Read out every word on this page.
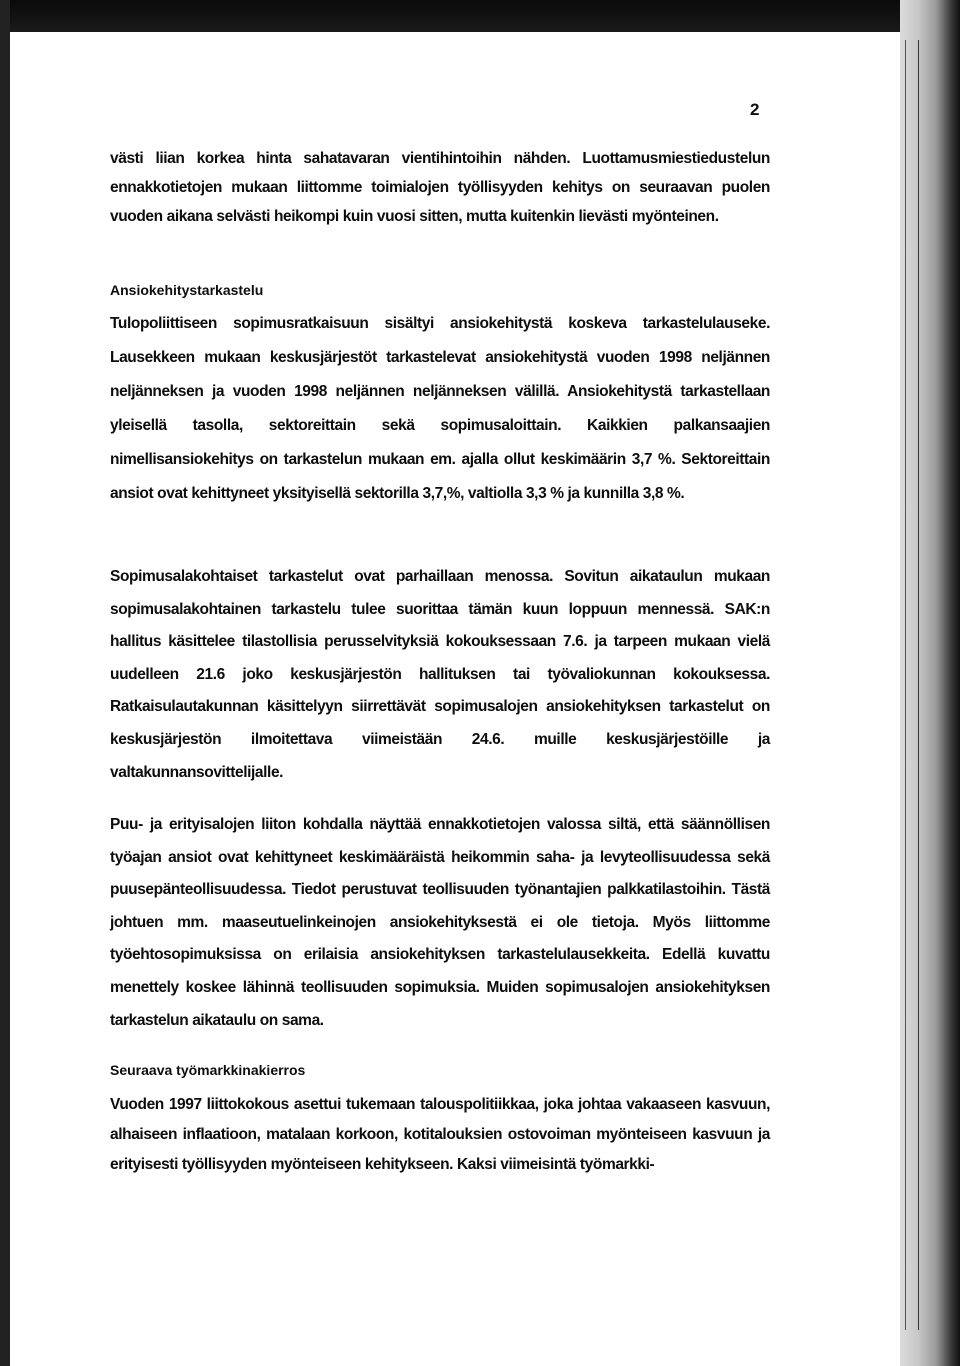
2
västi liian korkea hinta sahatavaran vientihintoihin nähden. Luottamusmiestiedustelun ennakkotietojen mukaan liittomme toimialojen työllisyyden kehitys on seuraavan puolen vuoden aikana selvästi heikompi kuin vuosi sitten, mutta kuitenkin lievästi myönteinen.
Ansiokehitystarkastelu
Tulopoliittiseen sopimusratkaisuun sisältyi ansiokehitystä koskeva tarkastelulauseke. Lausekkeen mukaan keskusjärjestöt tarkastelevat ansiokehitystä vuoden 1998 neljännen neljänneksen ja vuoden 1998 neljännen neljänneksen välillä. Ansiokehitystä tarkastellaan yleisellä tasolla, sektoreittain sekä sopimusaloittain. Kaikkien palkansaajien nimellisansiokehitys on tarkastelun mukaan em. ajalla ollut keskimäärin 3,7 %. Sektoreittain ansiot ovat kehittyneet yksityisellä sektorilla 3,7,%, valtiolla 3,3 % ja kunnilla 3,8 %.
Sopimusalakohtaiset tarkastelut ovat parhaillaan menossa. Sovitun aikataulun mukaan sopimusalakohtainen tarkastelu tulee suorittaa tämän kuun loppuun mennessä. SAK:n hallitus käsittelee tilastollisia perusselvityksiä kokouksessaan 7.6. ja tarpeen mukaan vielä uudelleen 21.6 joko keskusjärjestön hallituksen tai työvaliokunnan kokouksessa. Ratkaisulautakunnan käsittelyyn siirrettävät sopimusalojen ansiokehityksen tarkastelut on keskusjärjestön ilmoitettava viimeistään 24.6. muille keskusjärjestöille ja valtakunnansovittelijalle.
Puu- ja erityisalojen liiton kohdalla näyttää ennakkotietojen valossa siltä, että säännöllisen työajan ansiot ovat kehittyneet keskimääräistä heikommin saha- ja levyteollisuudessa sekä puusepänteollisuudessa. Tiedot perustuvat teollisuuden työnantajien palkkatilastoihin. Tästä johtuen mm. maaseutuelinkeinojen ansiokehityksestä ei ole tietoja. Myös liittomme työehtosopimuksissa on erilaisia ansiokehityksen tarkastelulausekkeita. Edellä kuvattu menettely koskee lähinnä teollisuuden sopimuksia. Muiden sopimusalojen ansiokehityksen tarkastelun aikataulu on sama.
Seuraava työmarkkinakierros
Vuoden 1997 liittokokous asettui tukemaan talouspolitiikkaa, joka johtaa vakaaseen kasvuun, alhaiseen inflaatioon, matalaan korkoon, kotitalouksien ostovoiman myönteiseen kasvuun ja erityisesti työllisyyden myönteiseen kehitykseen. Kaksi viimeisintä työmarkki-
